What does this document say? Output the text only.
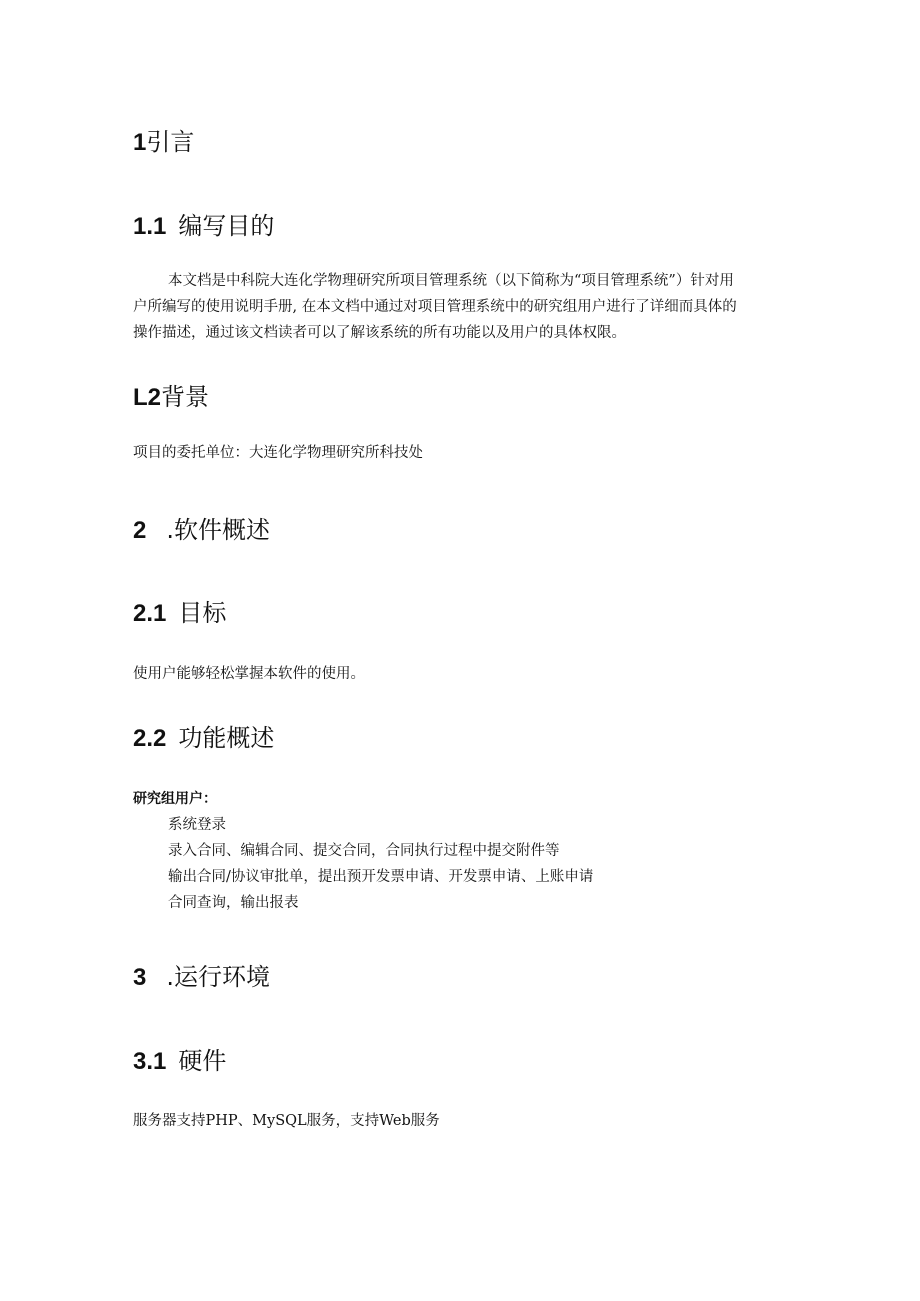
1引言
1.1 编写目的

本文档是中科院大连化学物理研究所项目管理系统（以下简称为“项目管理系统”）针对用

户所编写的使用说明手册, 在本文档中通过对项目管理系统中的研究组用户进行了详细而具体的

操作描述，通过该文档读者可以了解该系统的所有功能以及用户的具体权限。

L2背景

项目的委托单位：大连化学物理研究所科技处

2 .软件概述
2.1 目标

使用户能够轻松掌握本软件的使用。

2.2 功能概述

研究组用户：

系统登录

录入合同、编辑合同、提交合同，合同执行过程中提交附件等

输出合同/协议审批单，提出预开发票申请、开发票申请、上账申请

合同查询，输出报表

3 .运行环境
3.1 硬件

服务器支持PHP、MySQL服务，支持Web服务
